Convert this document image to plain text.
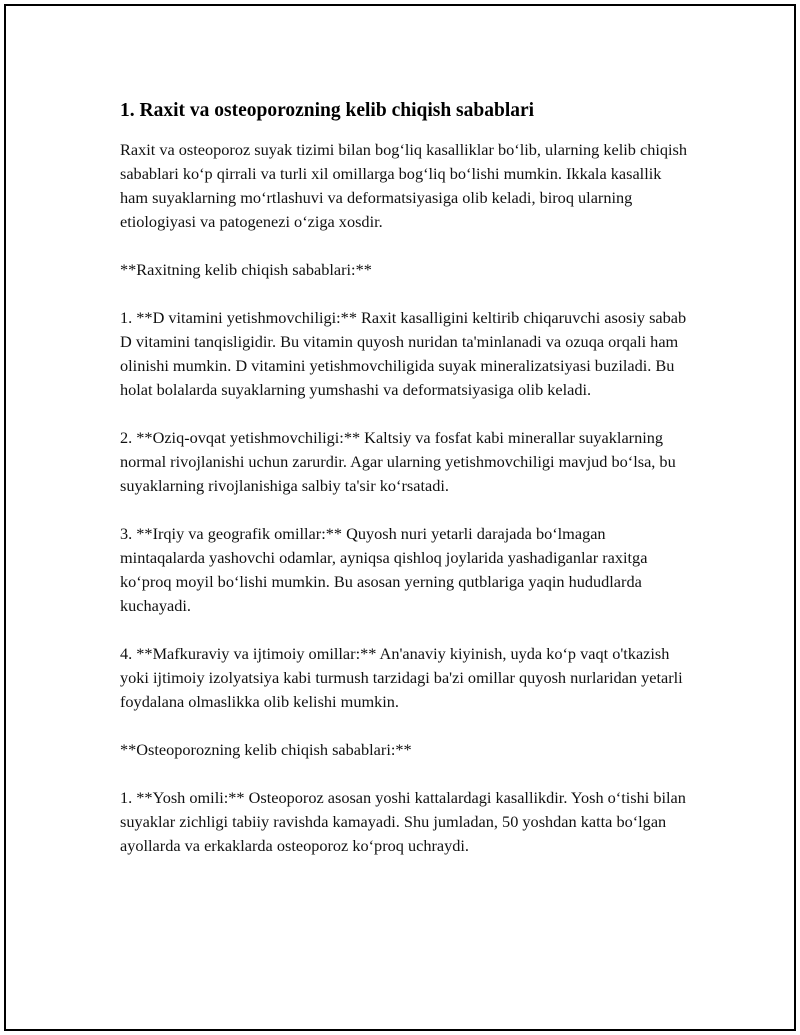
1. Raxit va osteoporozning kelib chiqish sabablari

Raxit va osteoporoz suyak tizimi bilan bog‘liq kasalliklar bo‘lib, ularning kelib chiqish sabablari ko‘p qirrali va turli xil omillarga bog‘liq bo‘lishi mumkin. Ikkala kasallik ham suyaklarning mo‘rtlashuvi va deformatsiyasiga olib keladi, biroq ularning etiologiyasi va patogenezi o‘ziga xosdir.

**Raxitning kelib chiqish sabablari:**

1. **D vitamini yetishmovchiligi:** Raxit kasalligini keltirib chiqaruvchi asosiy sabab D vitamini tanqisligidir. Bu vitamin quyosh nuridan ta'minlanadi va ozuqa orqali ham olinishi mumkin. D vitamini yetishmovchiligida suyak mineralizatsiyasi buziladi. Bu holat bolalarda suyaklarning yumshashi va deformatsiyasiga olib keladi.

2. **Oziq-ovqat yetishmovchiligi:** Kaltsiy va fosfat kabi minerallar suyaklarning normal rivojlanishi uchun zarurdir. Agar ularning yetishmovchiligi mavjud bo‘lsa, bu suyaklarning rivojlanishiga salbiy ta'sir ko‘rsatadi.

3. **Irqiy va geografik omillar:** Quyosh nuri yetarli darajada bo‘lmagan mintaqalarda yashovchi odamlar, ayniqsa qishloq joylarida yashadiganlar raxitga ko‘proq moyil bo‘lishi mumkin. Bu asosan yerning qutblariga yaqin hududlarda kuchayadi.

4. **Mafkuraviy va ijtimoiy omillar:** An'anaviy kiyinish, uyda ko‘p vaqt o'tkazish yoki ijtimoiy izolyatsiya kabi turmush tarzidagi ba'zi omillar quyosh nurlaridan yetarli foydalana olmaslikka olib kelishi mumkin.

**Osteoporozning kelib chiqish sabablari:**

1. **Yosh omili:** Osteoporoz asosan yoshi kattalardagi kasallikdir. Yosh o‘tishi bilan suyaklar zichligi tabiiy ravishda kamayadi. Shu jumladan, 50 yoshdan katta bo‘lgan ayollarda va erkaklarda osteoporoz ko‘proq uchraydi.
